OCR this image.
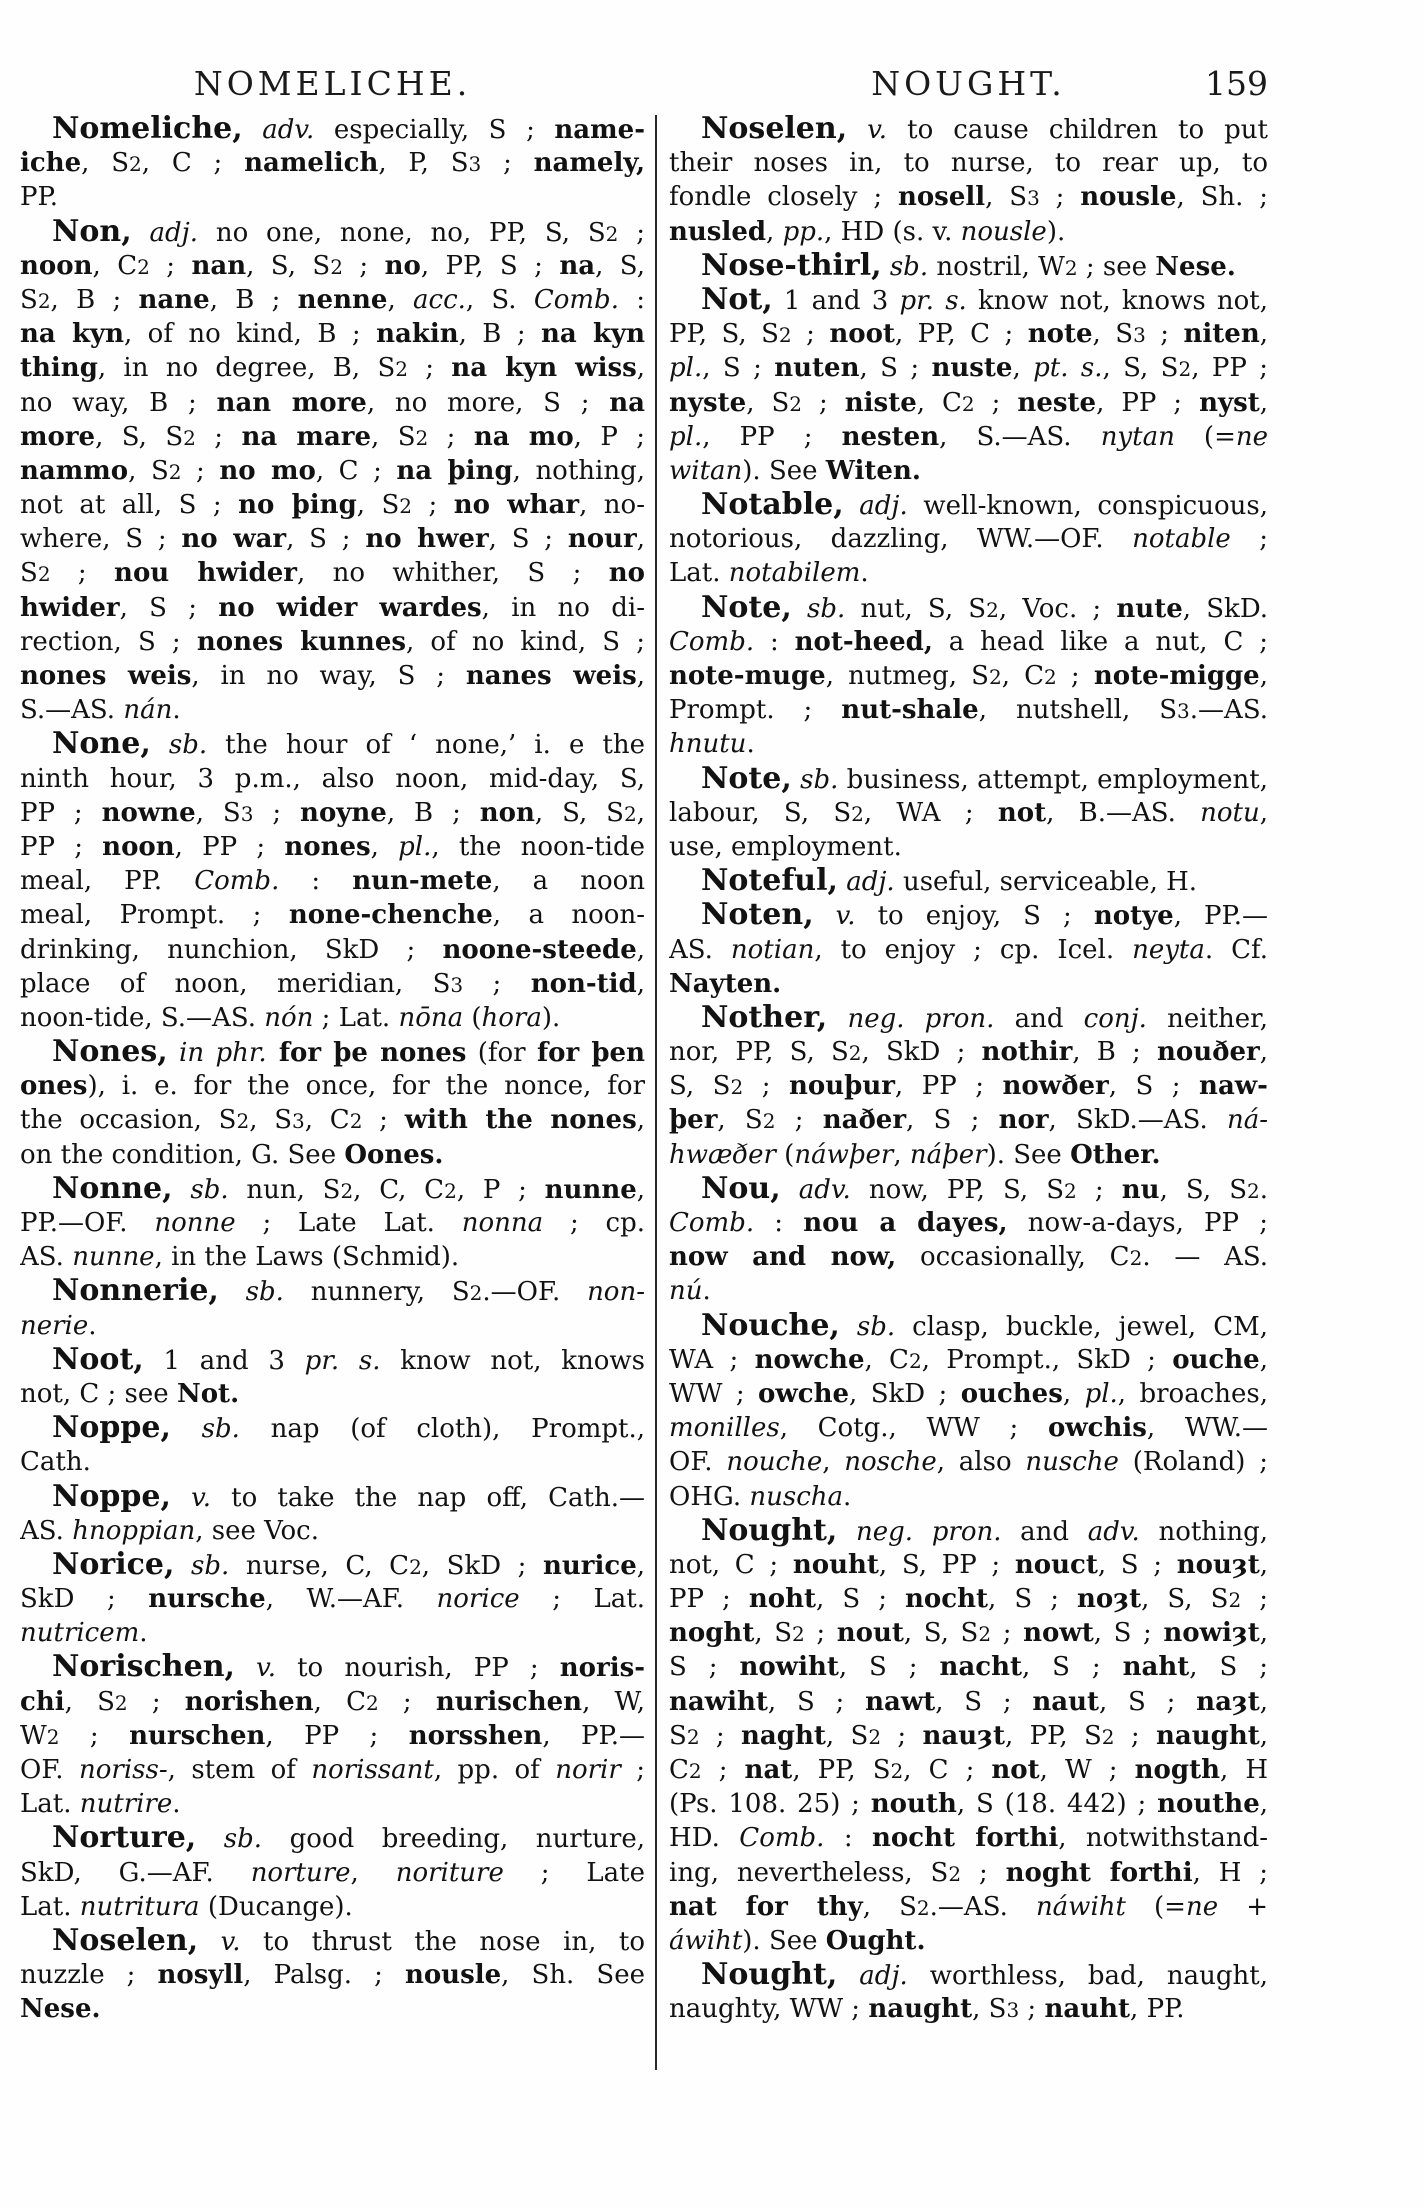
NOMELICHE.	NOUGHT.	159
Nomeliche, adv. especially, S ; name-
iche, S2, C ; namelich, P, S3 ; namely,
PP.
Non, adj. no one, none, no, PP, S, S2 ;
noon, C2 ; nan, S, S2 ; no, PP, S ; na, S,
S2, B ; nane, B ; nenne, acc., S. Comb. :
na kyn, of no kind, B ; nakin, B ; na kyn
thing, in no degree, B, S2 ; na kyn wiss,
no way, B ; nan more, no more, S ; na
more, S, S2 ; na mare, S2 ; na mo, P ;
nammo, S2 ; no mo, C ; na þing, nothing,
not at all, S ; no þing, S2 ; no whar, no-
where, S ; no war, S ; no hwer, S ; nour,
S2 ; nou hwider, no whither, S ; no
hwider, S ; no wider wardes, in no di-
rection, S ; nones kunnes, of no kind, S ;
nones weis, in no way, S ; nanes weis,
S.—AS. nán.
None, sb. the hour of ‘ none,’ i. e the
ninth hour, 3 p.m., also noon, mid-day, S,
PP ; nowne, S3 ; noyne, B ; non, S, S2,
PP ; noon, PP ; nones, pl., the noon-tide
meal, PP. Comb. : nun-mete, a noon
meal, Prompt. ; none-chenche, a noon-
drinking, nunchion, SkD ; noone-steede,
place of noon, meridian, S3 ; non-tid,
noon-tide, S.—AS. nón ; Lat. nōna (hora).
Nones, in phr. for þe nones (for for þen
ones), i. e. for the once, for the nonce, for
the occasion, S2, S3, C2 ; with the nones,
on the condition, G. See Oones.
Nonne, sb. nun, S2, C, C2, P ; nunne,
PP.—OF. nonne ; Late Lat. nonna ; cp.
AS. nunne, in the Laws (Schmid).
Nonnerie, sb. nunnery, S2.—OF. non-
nerie.
Noot, 1 and 3 pr. s. know not, knows
not, C ; see Not.
Noppe, sb. nap (of cloth), Prompt.,
Cath.
Noppe, v. to take the nap off, Cath.—
AS. hnoppian, see Voc.
Norice, sb. nurse, C, C2, SkD ; nurice,
SkD ; nursche, W.—AF. norice ; Lat.
nutricem.
Norischen, v. to nourish, PP ; noris-
chi, S2 ; norishen, C2 ; nurischen, W,
W2 ; nurschen, PP ; norsshen, PP.—
OF. noriss-, stem of norissant, pp. of norir ;
Lat. nutrire.
Norture, sb. good breeding, nurture,
SkD, G.—AF. norture, noriture ; Late
Lat. nutritura (Ducange).
Noselen, v. to thrust the nose in, to
nuzzle ; nosyll, Palsg. ; nousle, Sh. See
Nese.
Noselen, v. to cause children to put
their noses in, to nurse, to rear up, to
fondle closely ; nosell, S3 ; nousle, Sh. ;
nusled, pp., HD (s. v. nousle).
Nose-thirl, sb. nostril, W2 ; see Nese.
Not, 1 and 3 pr. s. know not, knows not,
PP, S, S2 ; noot, PP, C ; note, S3 ; niten,
pl., S ; nuten, S ; nuste, pt. s., S, S2, PP ;
nyste, S2 ; niste, C2 ; neste, PP ; nyst,
pl., PP ; nesten, S.—AS. nytan (=ne
witan). See Witen.
Notable, adj. well-known, conspicuous,
notorious, dazzling, WW.—OF. notable ;
Lat. notabilem.
Note, sb. nut, S, S2, Voc. ; nute, SkD.
Comb. : not-heed, a head like a nut, C ;
note-muge, nutmeg, S2, C2 ; note-migge,
Prompt. ; nut-shale, nutshell, S3.—AS.
hnutu.
Note, sb. business, attempt, employment,
labour, S, S2, WA ; not, B.—AS. notu,
use, employment.
Noteful, adj. useful, serviceable, H.
Noten, v. to enjoy, S ; notye, PP.—
AS. notian, to enjoy ; cp. Icel. neyta. Cf.
Nayten.
Nother, neg. pron. and conj. neither,
nor, PP, S, S2, SkD ; nothir, B ; nouðer,
S, S2 ; nouþur, PP ; nowðer, S ; naw-
þer, S2 ; naðer, S ; nor, SkD.—AS. ná-
hwæðer (náwþer, náþer). See Other.
Nou, adv. now, PP, S, S2 ; nu, S, S2.
Comb. : nou a dayes, now-a-days, PP ;
now and now, occasionally, C2. — AS.
nú.
Nouche, sb. clasp, buckle, jewel, CM,
WA ; nowche, C2, Prompt., SkD ; ouche,
WW ; owche, SkD ; ouches, pl., broaches,
monilles, Cotg., WW ; owchis, WW.—
OF. nouche, nosche, also nusche (Roland) ;
OHG. nuscha.
Nought, neg. pron. and adv. nothing,
not, C ; nouht, S, PP ; nouct, S ; nouȝt,
PP ; noht, S ; nocht, S ; noȝt, S, S2 ;
noght, S2 ; nout, S, S2 ; nowt, S ; nowiȝt,
S ; nowiht, S ; nacht, S ; naht, S ;
nawiht, S ; nawt, S ; naut, S ; naȝt,
S2 ; naght, S2 ; nauȝt, PP, S2 ; naught,
C2 ; nat, PP, S2, C ; not, W ; nogth, H
(Ps. 108. 25) ; nouth, S (18. 442) ; nouthe,
HD. Comb. : nocht forthi, notwithstand-
ing, nevertheless, S2 ; noght forthi, H ;
nat for thy, S2.—AS. náwiht (=ne +
áwiht). See Ought.
Nought, adj. worthless, bad, naught,
naughty, WW ; naught, S3 ; nauht, PP.
